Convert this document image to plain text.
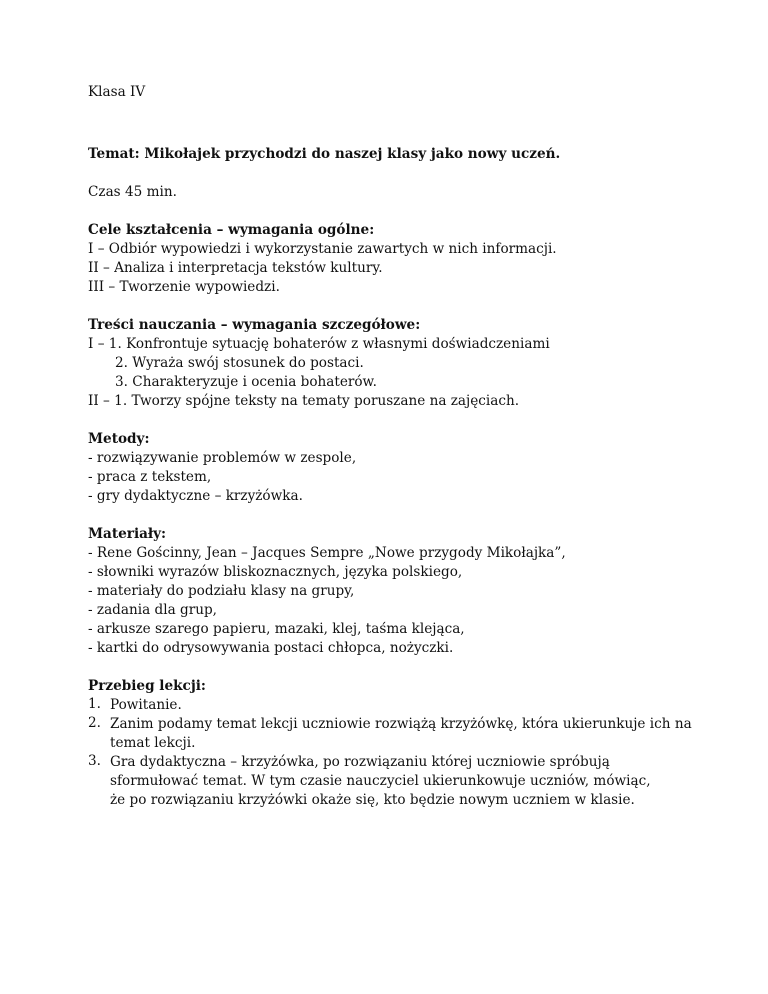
Klasa IV

Temat: Mikołajek przychodzi do naszej klasy jako nowy uczeń.

Czas 45 min.

Cele kształcenia – wymagania ogólne:

I – Odbiór wypowiedzi i wykorzystanie zawartych w nich informacji.
II – Analiza i interpretacja tekstów kultury.
III – Tworzenie wypowiedzi.

Treści nauczania – wymagania szczegółowe:

I – 1. Konfrontuje sytuację bohaterów z własnymi doświadczeniami
2. Wyraża swój stosunek do postaci.
3. Charakteryzuje i ocenia bohaterów.
II – 1. Tworzy spójne teksty na tematy poruszane na zajęciach.

Metody:

- rozwiązywanie problemów w zespole,
- praca z tekstem,
- gry dydaktyczne – krzyżówka.

Materiały:

- Rene Gościnny, Jean – Jacques Sempre „Nowe przygody Mikołajka”,
- słowniki wyrazów bliskoznacznych, języka polskiego,
- materiały do podziału klasy na grupy,
- zadania dla grup,
- arkusze szarego papieru, mazaki, klej, taśma klejąca,
- kartki do odrysowywania postaci chłopca, nożyczki.

Przebieg lekcji:

1. Powitanie.
2. Zanim podamy temat lekcji uczniowie rozwiążą krzyżówkę, która ukierunkuje ich na
temat lekcji.
3. Gra dydaktyczna – krzyżówka, po rozwiązaniu której uczniowie spróbują
sformułować temat. W tym czasie nauczyciel ukierunkowuje uczniów, mówiąc,
że po rozwiązaniu krzyżówki okaże się, kto będzie nowym uczniem w klasie.
